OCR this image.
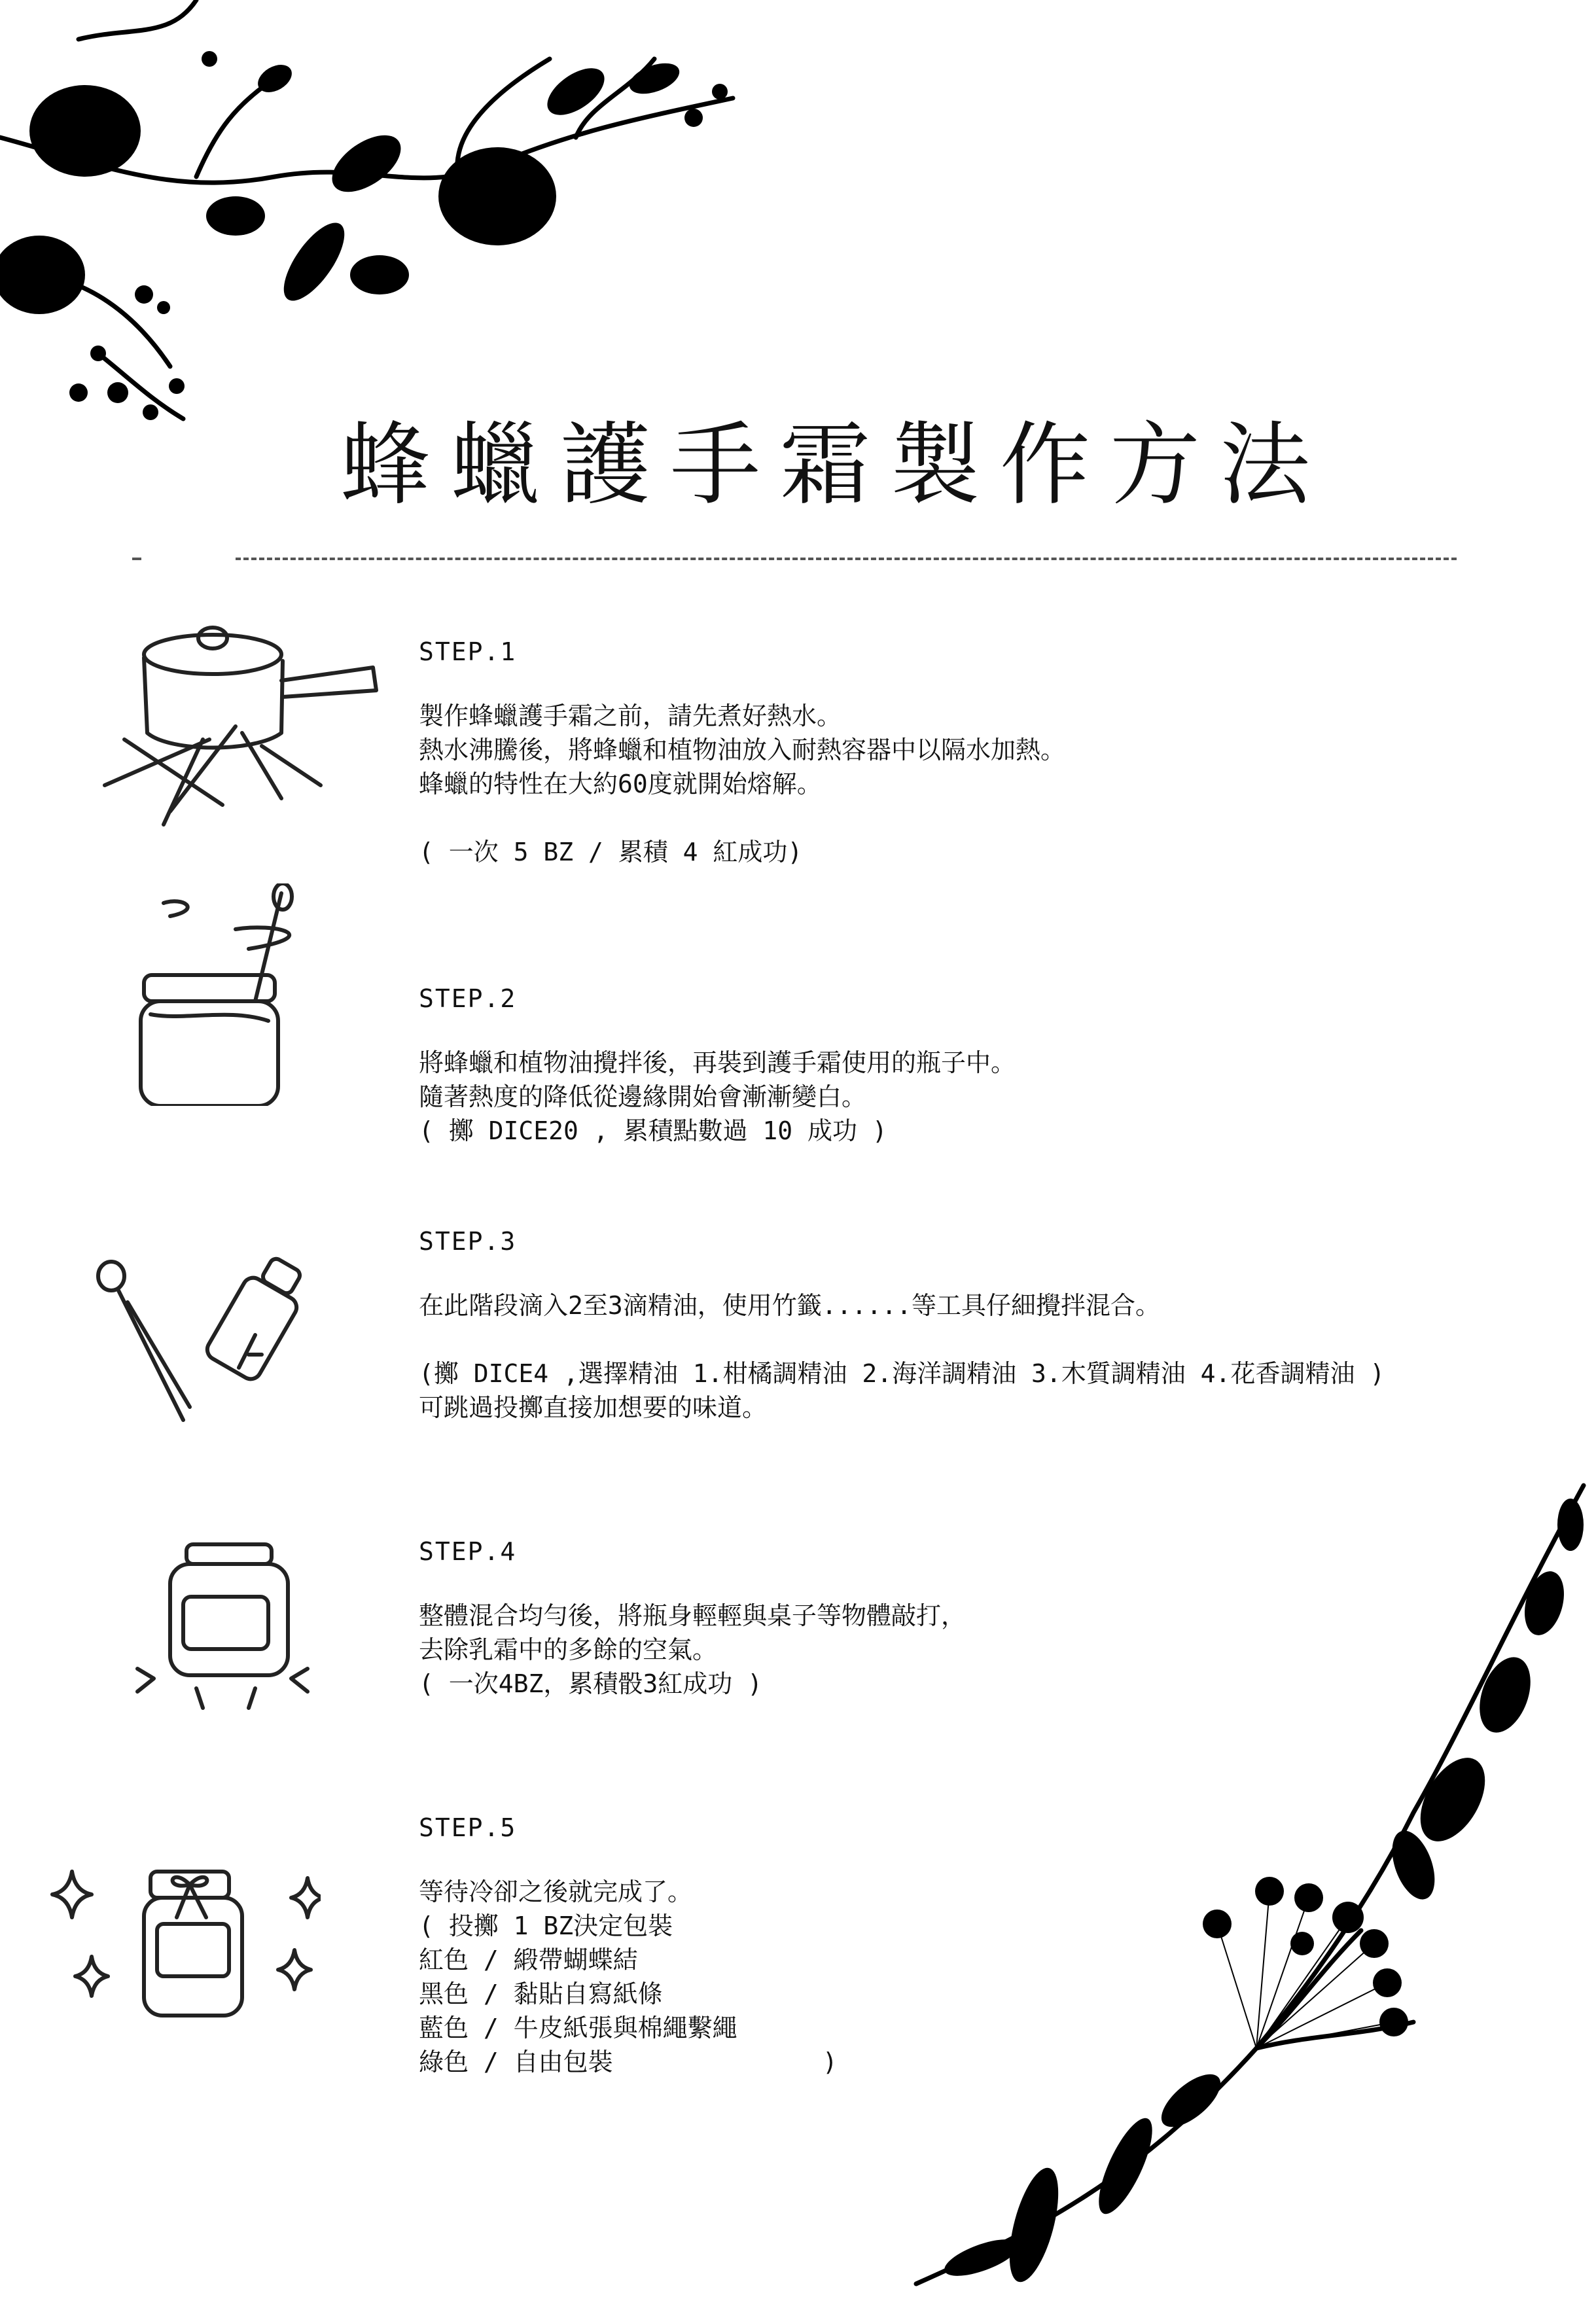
蜂蠟護手霜製作方法
STEP.1
製作蜂蠟護手霜之前，請先煮好熱水。
熱水沸騰後，將蜂蠟和植物油放入耐熱容器中以隔水加熱。
蜂蠟的特性在大約60度就開始熔解。
( 一次 5 BZ / 累積 4 紅成功)
STEP.2
將蜂蠟和植物油攪拌後，再裝到護手霜使用的瓶子中。
隨著熱度的降低從邊緣開始會漸漸變白。
( 擲 DICE20 , 累積點數過 10 成功 )
STEP.3
在此階段滴入2至3滴精油，使用竹籤......等工具仔細攪拌混合。
(擲 DICE4 ,選擇精油 1.柑橘調精油 2.海洋調精油 3.木質調精油 4.花香調精油 )
可跳過投擲直接加想要的味道。
STEP.4
整體混合均勻後，將瓶身輕輕與桌子等物體敲打，
去除乳霜中的多餘的空氣。
( 一次4BZ，累積骰3紅成功 )
STEP.5
等待冷卻之後就完成了。
( 投擲 1 BZ決定包裝
紅色 / 緞帶蝴蝶結
黑色 / 黏貼自寫紙條
藍色 / 牛皮紙張與棉繩繫繩
綠色 / 自由包裝              )
